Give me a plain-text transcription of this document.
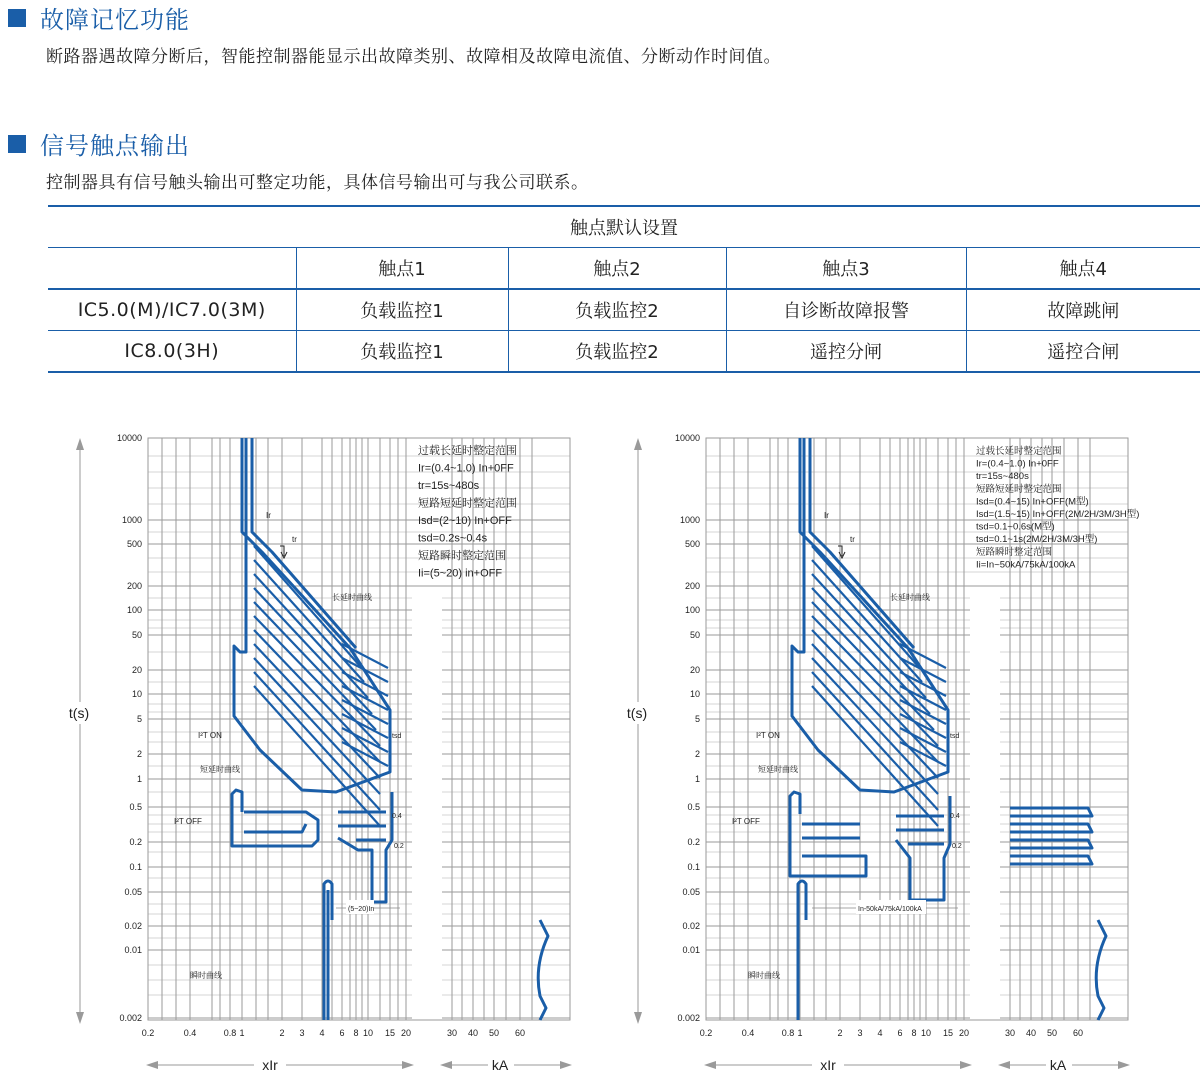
故障记忆功能
断路器遇故障分断后，智能控制器能显示出故障类别、故障相及故障电流值、分断动作时间值。
信号触点输出
控制器具有信号触头输出可整定功能，具体信号输出可与我公司联系。
触点默认设置				
	触点1	触点2	触点3	触点4
IC5.0(M)/IC7.0(3M)	负载监控1	负载监控2	自诊断故障报警	故障跳闸
IC8.0(3H)	负载监控1	负载监控2	遥控分闸	遥控合闸
10000
1000
500
200
100
50
20
10
5
2
1
0.5
0.2
0.1
0.05
0.02
0.01
0.002
0.2	0.4	0.8 1	2 3 4 6 8 10 15 20	30 40 50 60
t(s)
xIr	kA
Ir
tr
长延时曲线
I²T ON
短延时曲线
I²T OFF
tsd
0.4
0.2
瞬时曲线
(5~20)In
过载长延时整定范围
Ir=(0.4~1.0) In+0FF
tr=15s~480s
短路短延时整定范围
Isd=(2~10) In+OFF
tsd=0.2s~0.4s
短路瞬时整定范围
Ii=(5~20) in+OFF
10000
1000
500
200
100
50
20
10
5
2
1
0.5
0.2
0.1
0.05
0.02
0.01
0.002
0.2	0.4	0.8 1	2 3 4 6 8 10 15 20	30 40 50 60
t(s)
xIr	kA
Ir
tr
长延时曲线
I²T ON
短延时曲线
I²T OFF
tsd
0.4
0.2
瞬时曲线
In-50kA/75kA/100kA
过载长延时整定范围
Ir=(0.4~1.0) In+0FF
tr=15s~480s
短路短延时整定范围
Isd=(0.4~15) In+OFF(M型)
Isd=(1.5~15) In+OFF(2M/2H/3M/3H型)
tsd=0.1~0.6s(M型)
tsd=0.1~1s(2M/2H/3M/3H型)
短路瞬时整定范围
Ii=In~50kA/75kA/100kA
